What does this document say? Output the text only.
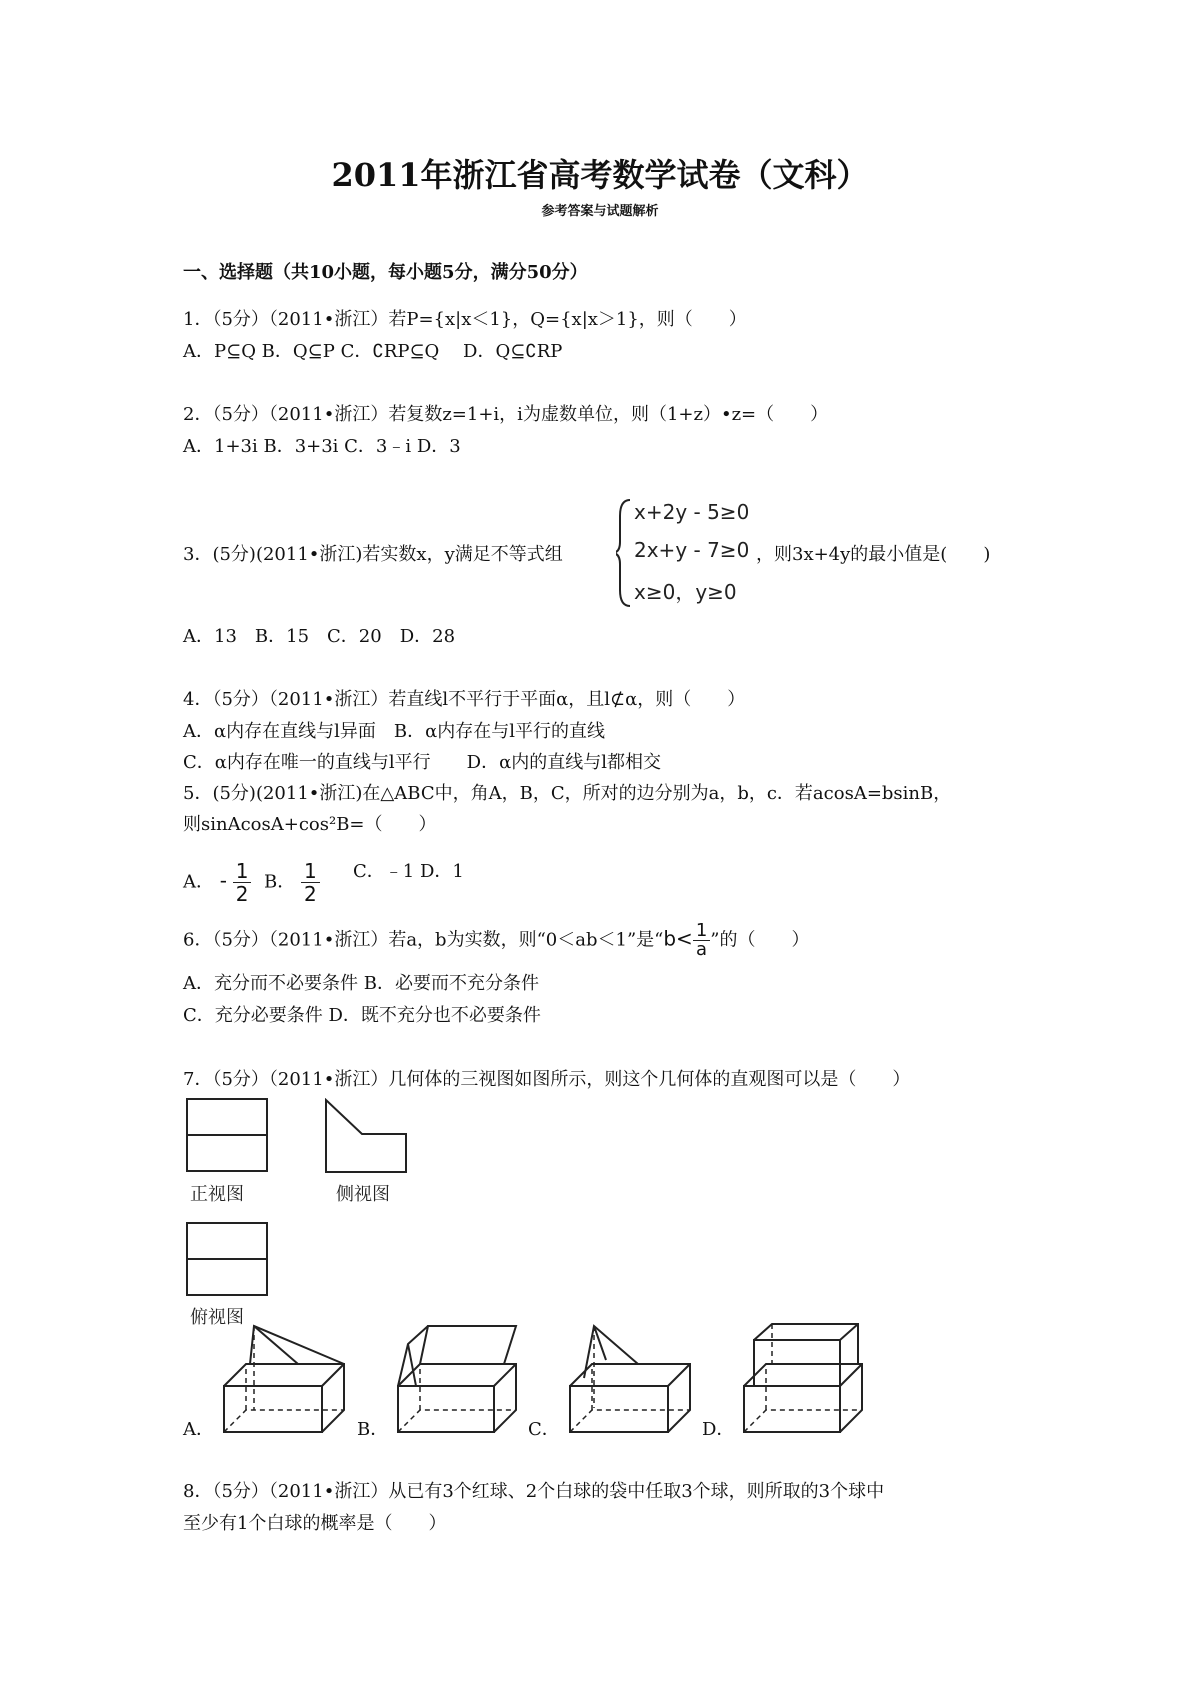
2011年浙江省高考数学试卷（文科）
参考答案与试题解析
一、选择题（共10小题，每小题5分，满分50分）
1．（5分）（2011•浙江）若P={x|x＜1}，Q={x|x＞1}，则（　　）
A．P⊆Q B．Q⊆P C．∁RP⊆Q　 D．Q⊆∁RP
2．（5分）（2011•浙江）若复数z=1+i，i为虚数单位，则（1+z）•z=（　　）
A．1+3i B．3+3i C．3﹣i D．3
3．(5分)(2011•浙江)若实数x，y满足不等式组
x+2y - 5≥0
2x+y - 7≥0
x≥0，y≥0
，则3x+4y的最小值是(　　)
A．13　B．15　C．20　D．28
4．（5分）（2011•浙江）若直线l不平行于平面α，且l⊄α，则（　　）
A．α内存在直线与l异面　B．α内存在与l平行的直线
C．α内存在唯一的直线与l平行　　D．α内的直线与l都相交
5．(5分)(2011•浙江)在△ABC中，角A，B，C，所对的边分别为a，b，c．若acosA=bsinB，
则sinAcosA+cos²B=（　　）
A． - $\frac{1}{2}$ B． $\frac{1}{2}$ C．﹣1 D．1
6．（5分）（2011•浙江）若a，b为实数，则“0＜ab＜1”是“$b< \frac{1}{a}$ ”的（　　）
A．充分而不必要条件 B．必要而不充分条件
C．充分必要条件 D．既不充分也不必要条件
7．（5分）（2011•浙江）几何体的三视图如图所示，则这个几何体的直观图可以是（　　）
正视图	侧视图
俯视图
A．	B．	C．	D．
8．（5分）（2011•浙江）从已有3个红球、2个白球的袋中任取3个球，则所取的3个球中
至少有1个白球的概率是（　　）
